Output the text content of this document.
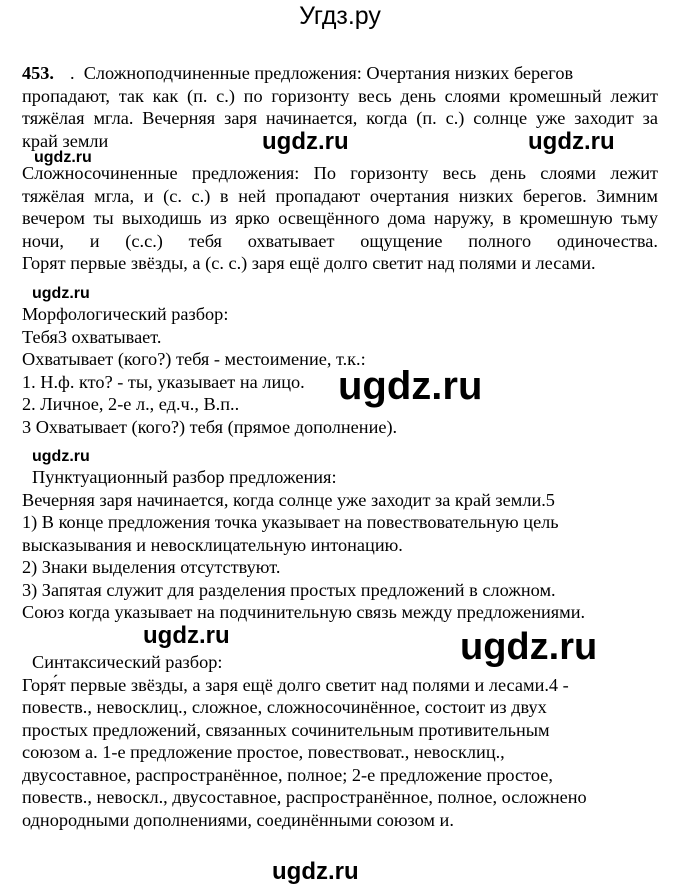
Угдз.ру
453. . Сложноподчиненные предложения: Очертания низких берегов
пропадают, так как (п. с.) по горизонту весь день слоями кромешный лежит
тяжёлая мгла. Вечерняя заря начинается, когда (п. с.) солнце уже заходит за
край земли
Сложносочиненные предложения: По горизонту весь день слоями лежит
тяжёлая мгла, и (с. с.) в ней пропадают очертания низких берегов. Зимним
вечером ты выходишь из ярко освещённого дома наружу, в кромешную тьму
ночи, и (с.с.) тебя охватывает ощущение полного одиночества.
Горят первые звёзды, а (с. с.) заря ещё долго светит над полями и лесами.
Морфологический разбор:
Тебя3 охватывает.
Охватывает (кого?) тебя - местоимение, т.к.:
1. Н.ф. кто? - ты, указывает на лицо.
2. Личное, 2-е л., ед.ч., В.п..
3 Охватывает (кого?) тебя (прямое дополнение).
Пунктуационный разбор предложения:
Вечерняя заря начинается, когда солнце уже заходит за край земли.5
1) В конце предложения точка указывает на повествовательную цель
высказывания и невосклицательную интонацию.
2) Знаки выделения отсутствуют.
3) Запятая служит для разделения простых предложений в сложном.
Союз когда указывает на подчинительную связь между предложениями.
Синтаксический разбор:
Горя́т первые звёзды, а заря ещё долго светит над полями и лесами.4 -
повеств., невосклиц., сложное, сложносочинённое, состоит из двух
простых предложений, связанных сочинительным противительным
союзом а. 1-е предложение простое, повествоват., невосклиц.,
двусоставное, распространённое, полное; 2-е предложение простое,
повеств., невоскл., двусоставное, распространённое, полное, осложнено
однородными дополнениями, соединёнными союзом и.
ugdz.ru	ugdz.ru
ugdz.ru
ugdz.ru
ugdz.ru
ugdz.ru
ugdz.ru	ugdz.ru
ugdz.ru
